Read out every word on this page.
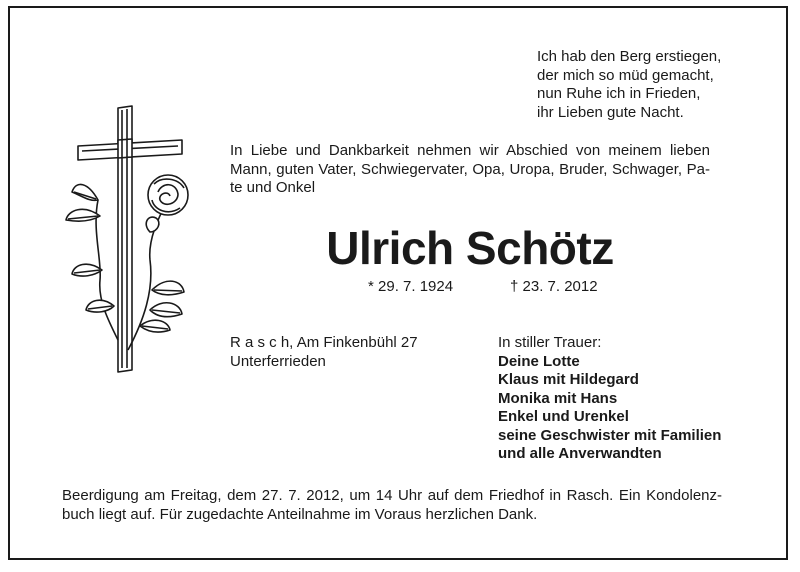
Ich hab den Berg erstiegen,
der mich so müd gemacht,
nun Ruhe ich in Frieden,
ihr Lieben gute Nacht.
In Liebe und Dankbarkeit nehmen wir Abschied von meinem lieben
Mann, guten Vater, Schwiegervater, Opa, Uropa, Bruder, Schwager, Pa-
te und Onkel
Ulrich Schötz
* 29. 7. 1924	† 23. 7. 2012
R a s c h, Am Finkenbühl 27
Unterferrieden
In stiller Trauer:
Deine Lotte
Klaus mit Hildegard
Monika mit Hans
Enkel und Urenkel
seine Geschwister mit Familien
und alle Anverwandten
Beerdigung am Freitag, dem 27. 7. 2012, um 14 Uhr auf dem Friedhof in Rasch. Ein Kondolenz-
buch liegt auf. Für zugedachte Anteilnahme im Voraus herzlichen Dank.
